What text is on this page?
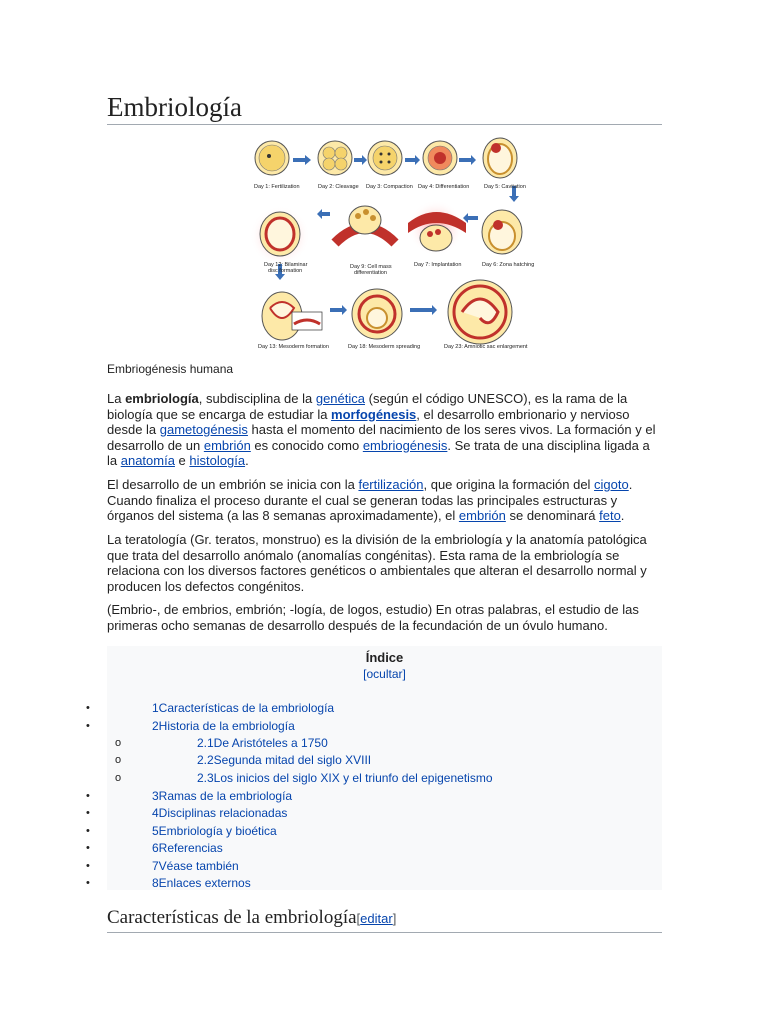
Embriología
Day 1: Fertilization	Day 2: Cleavage Day 3: Compaction Day 4: Differentiation	Day 5: Cavitation
Day 12: Bilaminar
disc formation
Day 9: Cell mass
differentiation
Day 7: Implantation	Day 6: Zona hatching
Day 13: Mesoderm formation	Day 18: Mesoderm spreading	Day 23: Amniotic sac enlargement
Embriogénesis humana

La embriología, subdisciplina de la genética (según el código UNESCO), es la rama de la biología que se encarga de estudiar la morfogénesis, el desarrollo embrionario y nervioso desde la gametogénesis hasta el momento del nacimiento de los seres vivos. La formación y el desarrollo de un embrión es conocido como embriogénesis. Se trata de una disciplina ligada a la anatomía e histología.

El desarrollo de un embrión se inicia con la fertilización, que origina la formación del cigoto. Cuando finaliza el proceso durante el cual se generan todas las principales estructuras y órganos del sistema (a las 8 semanas aproximadamente), el embrión se denominará feto.

La teratología (Gr. teratos, monstruo) es la división de la embriología y la anatomía patológica que trata del desarrollo anómalo (anomalías congénitas). Esta rama de la embriología se relaciona con los diversos factores genéticos o ambientales que alteran el desarrollo normal y producen los defectos congénitos.

(Embrio-, de embrios, embrión; -logía, de logos, estudio) En otras palabras, el estudio de las primeras ocho semanas de desarrollo después de la fecundación de un óvulo humano.

Índice
[ocultar]
Características de la embriología[editar]
•	1Características de la embriología
•	2Historia de la embriología
o	2.1De Aristóteles a 1750
o	2.2Segunda mitad del siglo XVIII
o	2.3Los inicios del siglo XIX y el triunfo del epigenetismo
•	3Ramas de la embriología
•	4Disciplinas relacionadas
•	5Embriología y bioética
•	6Referencias
•	7Véase también
•	8Enlaces externos
